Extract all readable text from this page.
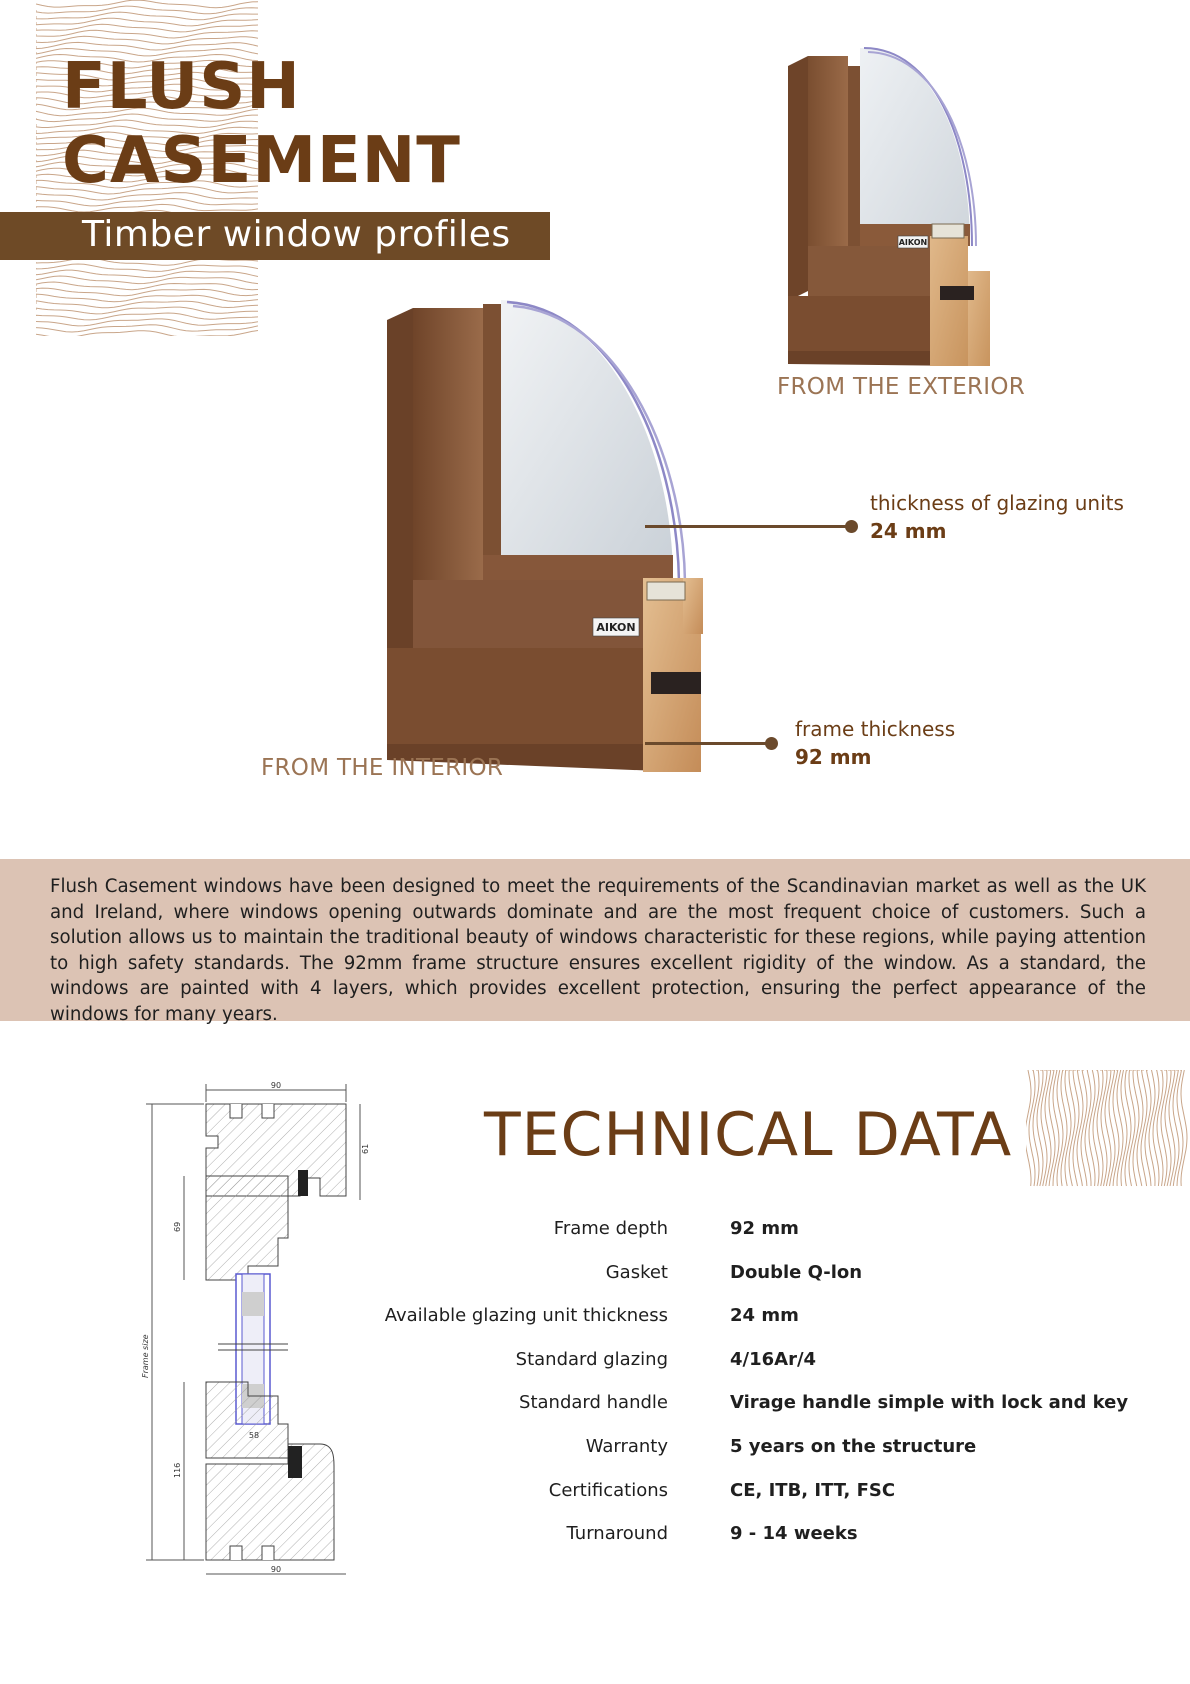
FLUSH
CASEMENT
Timber window profiles	AIKON
FROM THE EXTERIOR
AIKON
FROM THE INTERIOR
thickness of glazing units
24 mm
frame thickness
92 mm
Flush Casement windows have been designed to meet the requirements of the Scandinavian market as well as the UK and Ireland, where windows opening outwards dominate and are the most frequent choice of customers. Such a solution allows us to maintain the traditional beauty of windows characteristic for these regions, while paying attention to high safety standards. The 92mm frame structure ensures excellent rigidity of the window. As a standard, the windows are painted with 4 layers, which provides excellent protection, ensuring the perfect appearance of the windows for many years.
90
90
61
69
58
116
Frame size
TECHNICAL DATA
Frame depth	92 mm
Gasket	Double Q-lon
Available glazing unit thickness	24 mm
Standard glazing	4/16Ar/4
Standard handle	Virage handle simple with lock and key
Warranty	5 years on the structure
Certifications	CE, ITB, ITT, FSC
Turnaround	9 - 14 weeks
